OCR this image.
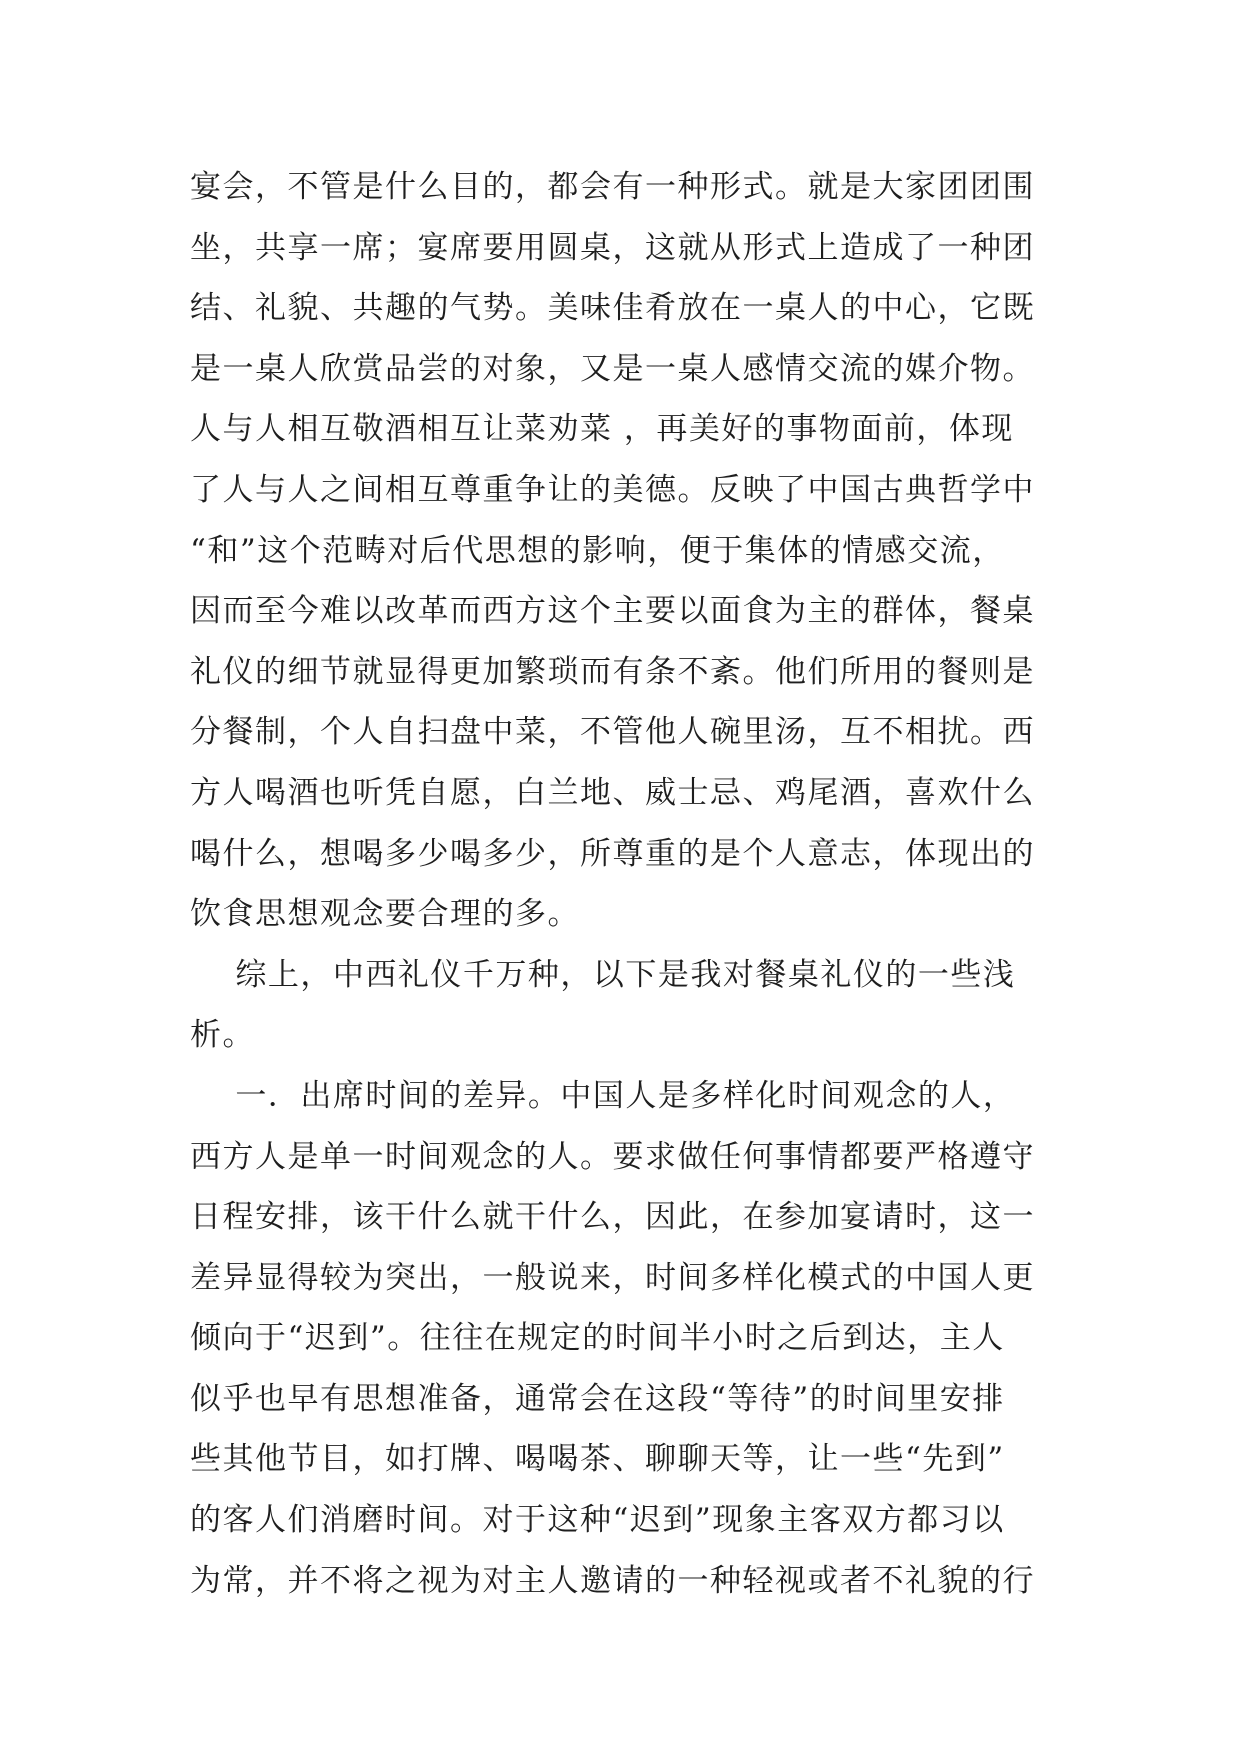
宴会，不管是什么目的，都会有一种形式。就是大家团团围
坐，共享一席；宴席要用圆桌，这就从形式上造成了一种团
结、礼貌、共趣的气势。美味佳肴放在一桌人的中心，它既
是一桌人欣赏品尝的对象，又是一桌人感情交流的媒介物。
人与人相互敬酒相互让菜劝菜 ，再美好的事物面前，体现
了人与人之间相互尊重争让的美德。反映了中国古典哲学中
“和”这个范畴对后代思想的影响，便于集体的情感交流，
因而至今难以改革而西方这个主要以面食为主的群体，餐桌
礼仪的细节就显得更加繁琐而有条不紊。他们所用的餐则是
分餐制，个人自扫盘中菜，不管他人碗里汤，互不相扰。西
方人喝酒也听凭自愿，白兰地、威士忌、鸡尾酒，喜欢什么
喝什么，想喝多少喝多少，所尊重的是个人意志，体现出的
饮食思想观念要合理的多。
综上，中西礼仪千万种，以下是我对餐桌礼仪的一些浅
析。
一．出席时间的差异。中国人是多样化时间观念的人，
西方人是单一时间观念的人。要求做任何事情都要严格遵守
日程安排，该干什么就干什么，因此，在参加宴请时，这一
差异显得较为突出，一般说来，时间多样化模式的中国人更
倾向于“迟到”。往往在规定的时间半小时之后到达，主人
似乎也早有思想准备，通常会在这段“等待”的时间里安排
些其他节目，如打牌、喝喝茶、聊聊天等，让一些“先到”
的客人们消磨时间。对于这种“迟到”现象主客双方都习以
为常，并不将之视为对主人邀请的一种轻视或者不礼貌的行
